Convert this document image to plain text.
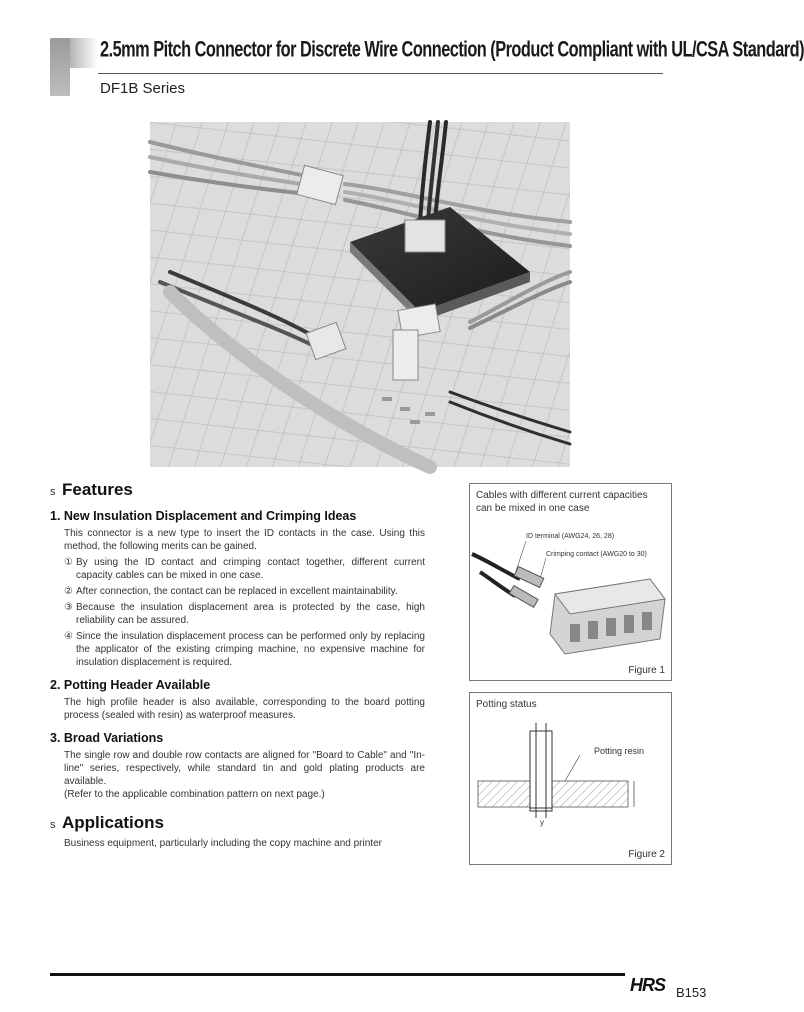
2.5mm Pitch Connector for Discrete Wire Connection (Product Compliant with UL/CSA Standard)
DF1B Series
s Features
1. New Insulation Displacement and Crimping Ideas

This connector is a new type to insert the ID contacts in the case. Using this method, the following merits can be gained.

① By using the ID contact and crimping contact together, different current capacity cables can be mixed in one case.
② After connection, the contact can be replaced in excellent maintainability.
③ Because the insulation displacement area is protected by the case, high reliability can be assured.
④ Since the insulation displacement process can be performed only by replacing the applicator of the existing crimping machine, no expensive machine for insulation displacement is required.
2. Potting Header Available

The high profile header is also available, corresponding to the board potting process (sealed with resin) as waterproof measures.

3. Broad Variations

The single row and double row contacts are aligned for "Board to Cable" and "In-line" series, respectively, while standard tin and gold plating products are available.

(Refer to the applicable combination pattern on next page.)

s Applications

Business equipment, particularly including the copy machine and printer

Cables with different current capacities can be mixed in one case
ID terminal (AWG24, 26, 28)
Crimping contact (AWG20 to 30)
Figure 1
Potting status
Potting resin
y
Figure 2
HRS B153
